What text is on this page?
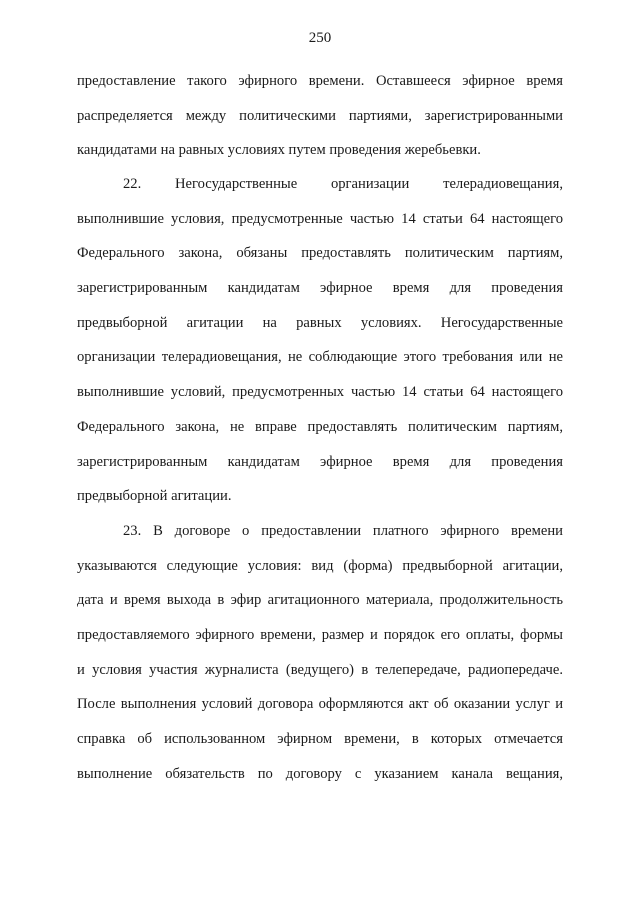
250
предоставление такого эфирного времени. Оставшееся эфирное время
распределяется между политическими партиями, зарегистрированными
кандидатами на равных условиях путем проведения жеребьевки.
22. Негосударственные организации телерадиовещания,
выполнившие условия, предусмотренные частью 14 статьи 64 настоящего
Федерального закона, обязаны предоставлять политическим партиям,
зарегистрированным кандидатам эфирное время для проведения
предвыборной агитации на равных условиях. Негосударственные
организации телерадиовещания, не соблюдающие этого требования или не
выполнившие условий, предусмотренных частью 14 статьи 64 настоящего
Федерального закона, не вправе предоставлять политическим партиям,
зарегистрированным кандидатам эфирное время для проведения
предвыборной агитации.
23. В договоре о предоставлении платного эфирного времени
указываются следующие условия: вид (форма) предвыборной агитации,
дата и время выхода в эфир агитационного материала, продолжительность
предоставляемого эфирного времени, размер и порядок его оплаты, формы
и условия участия журналиста (ведущего) в телепередаче, радиопередаче.
После выполнения условий договора оформляются акт об оказании услуг и
справка об использованном эфирном времени, в которых отмечается
выполнение обязательств по договору с указанием канала вещания,
